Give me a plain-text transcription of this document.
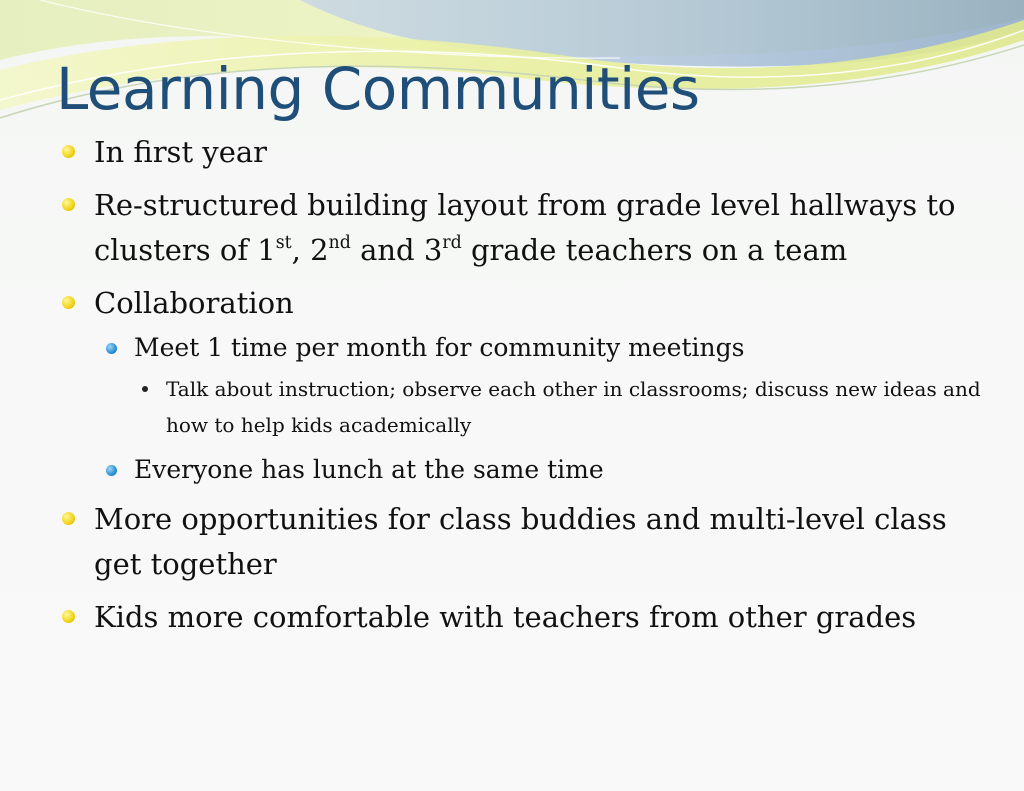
Learning Communities
In first year
Re-structured building layout from grade level hallways to clusters of 1st, 2nd and 3rd grade teachers on a team
Collaboration
Meet 1 time per month for community meetings
Talk about instruction; observe each other in classrooms; discuss new ideas and how to help kids academically
Everyone has lunch at the same time
More opportunities for class buddies and multi-level class get together
Kids more comfortable with teachers from other grades
